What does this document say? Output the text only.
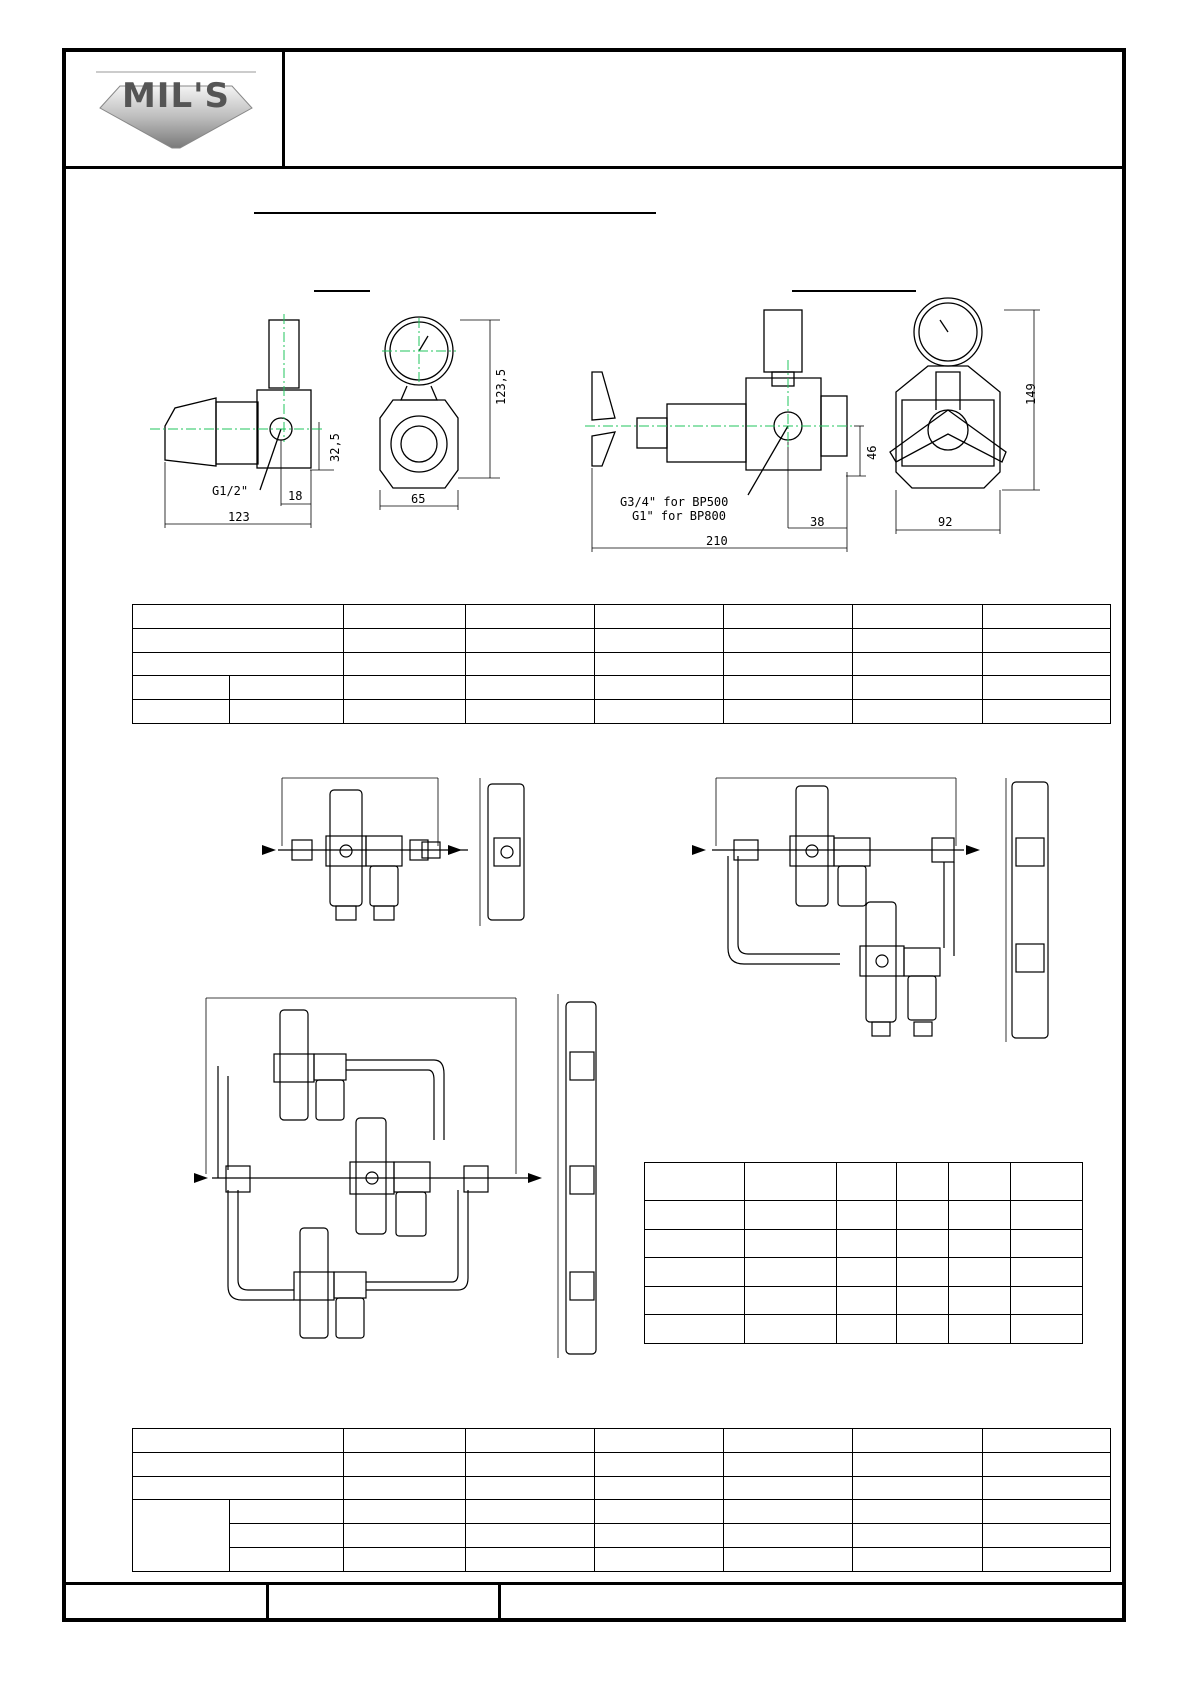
MIL'S
123,5
32,5
65
18
123
G1/2"
149
46
92
38
210
G3/4" for BP500
G1" for BP800
